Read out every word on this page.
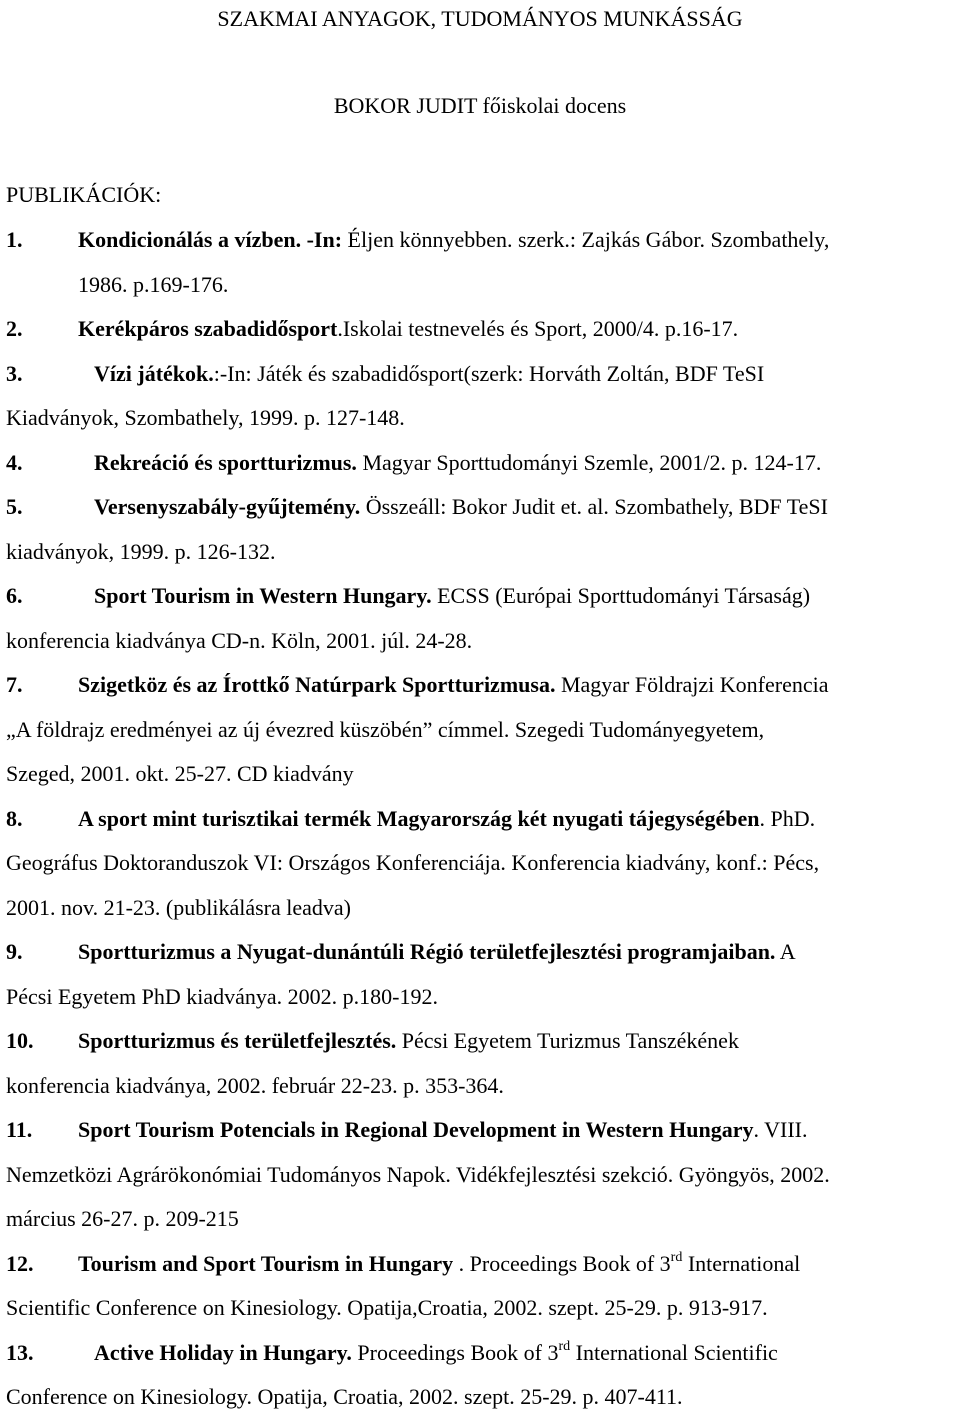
SZAKMAI ANYAGOK, TUDOMÁNYOS MUNKÁSSÁG
BOKOR JUDIT főiskolai docens
PUBLIKÁCIÓK:
1.	Kondicionálás a vízben. -In: Éljen könnyebben. szerk.: Zajkás Gábor. Szombathely,
1986. p.169-176.
2.	Kerékpáros szabadidősport.Iskolai testnevelés és Sport, 2000/4. p.16-17.
3.	Vízi játékok.:-In: Játék és szabadidősport(szerk: Horváth Zoltán, BDF TeSI
Kiadványok, Szombathely, 1999. p. 127-148.
4.	Rekreáció és sportturizmus. Magyar Sporttudományi Szemle, 2001/2. p. 124-17.
5.	Versenyszabály-gyűjtemény. Összeáll: Bokor Judit et. al. Szombathely, BDF TeSI
kiadványok, 1999. p. 126-132.
6.	Sport Tourism in Western Hungary. ECSS (Európai Sporttudományi Társaság)
konferencia kiadványa CD-n. Köln, 2001. júl. 24-28.
7.	Szigetköz és az Írottkő Natúrpark Sportturizmusa. Magyar Földrajzi Konferencia
„A földrajz eredményei az új évezred küszöbén” címmel. Szegedi Tudományegyetem,
Szeged, 2001. okt. 25-27. CD kiadvány
8.	A sport mint turisztikai termék Magyarország két nyugati tájegységében. PhD.
Geográfus Doktoranduszok VI: Országos Konferenciája. Konferencia kiadvány, konf.: Pécs,
2001. nov. 21-23. (publikálásra leadva)
9.	Sportturizmus a Nyugat-dunántúli Régió területfejlesztési programjaiban. A
Pécsi Egyetem PhD kiadványa. 2002. p.180-192.
10. Sportturizmus és területfejlesztés. Pécsi Egyetem Turizmus Tanszékének
konferencia kiadványa, 2002. február 22-23. p. 353-364.
11. Sport Tourism Potencials in Regional Development in Western Hungary. VIII.
Nemzetközi Agrárökonómiai Tudományos Napok. Vidékfejlesztési szekció. Gyöngyös, 2002.
március 26-27. p. 209-215
12. Tourism and Sport Tourism in Hungary . Proceedings Book of 3rd International
Scientific Conference on Kinesiology. Opatija,Croatia, 2002. szept. 25-29. p. 913-917.
13.	Active Holiday in Hungary. Proceedings Book of 3rd International Scientific
Conference on Kinesiology. Opatija, Croatia, 2002. szept. 25-29. p. 407-411.
